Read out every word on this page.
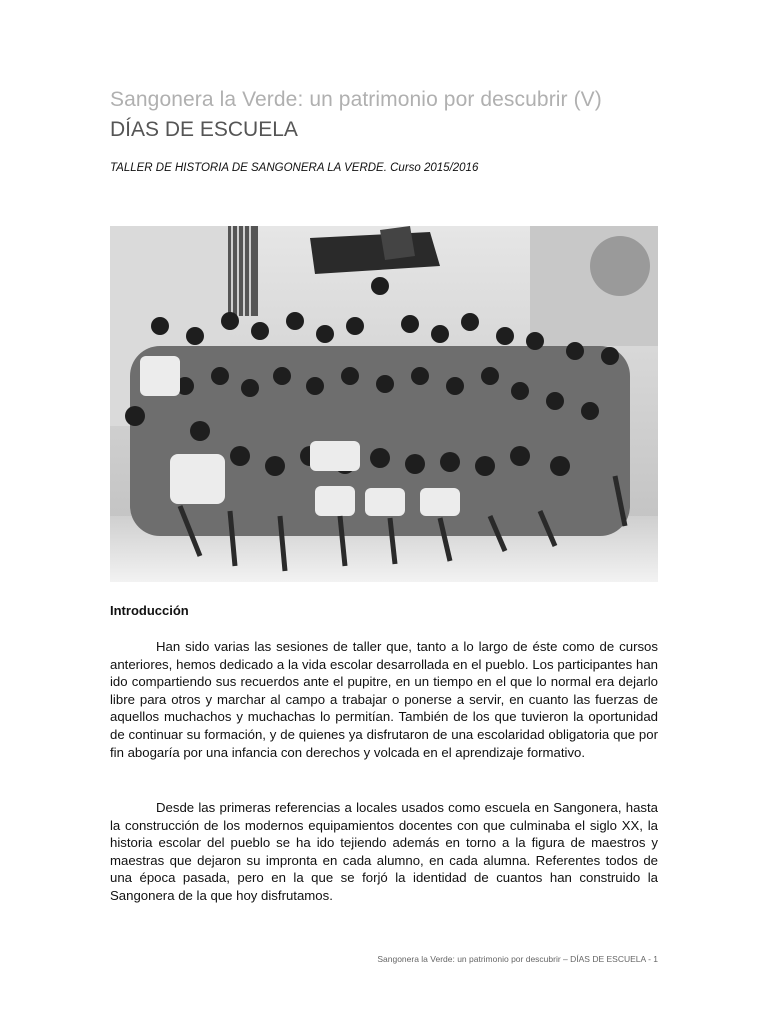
Sangonera la Verde: un patrimonio por descubrir (V)
DÍAS DE ESCUELA
TALLER DE HISTORIA DE SANGONERA LA VERDE. Curso 2015/2016
Introducción

Han sido varias las sesiones de taller que, tanto a lo largo de éste como de cursos anteriores, hemos dedicado a la vida escolar desarrollada en el pueblo. Los participantes han ido compartiendo sus recuerdos ante el pupitre, en un tiempo en el que lo normal era dejarlo libre para otros y marchar al campo a trabajar o ponerse a servir, en cuanto las fuerzas de aquellos muchachos y muchachas lo permitían. También de los que tuvieron la oportunidad de continuar su formación, y de quienes ya disfrutaron de una escolaridad obligatoria que por fin abogaría por una infancia con derechos y volcada en el aprendizaje formativo.

Desde las primeras referencias a locales usados como escuela en Sangonera, hasta la construcción de los modernos equipamientos docentes con que culminaba el siglo XX, la historia escolar del pueblo se ha ido tejiendo además en torno a la figura de maestros y maestras que dejaron su impronta en cada alumno, en cada alumna. Referentes todos de una época pasada, pero en la que se forjó la identidad de cuantos han construido la Sangonera de la que hoy disfrutamos.

Sangonera la Verde: un patrimonio por descubrir – DÍAS DE ESCUELA - 1
